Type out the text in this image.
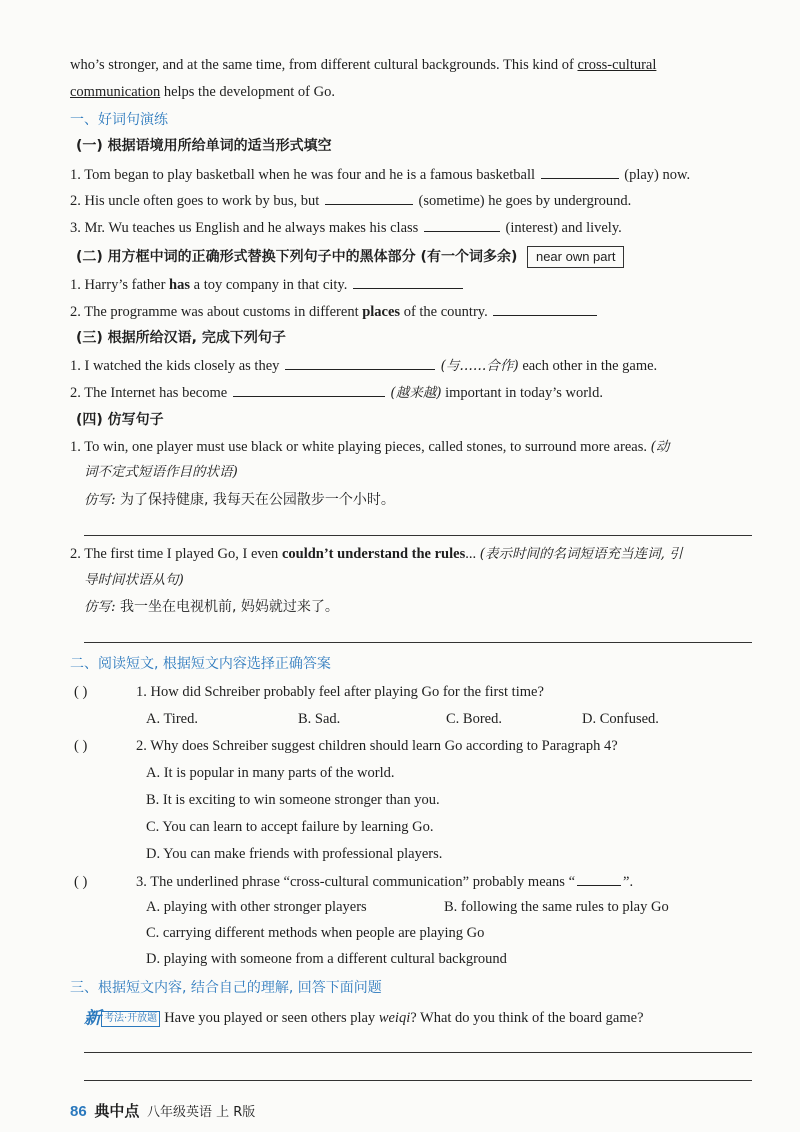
who’s stronger, and at the same time, from different cultural backgrounds. This kind of cross-cultural
communication helps the development of Go.
一、好词句演练
(一) 根据语境用所给单词的适当形式填空
1. Tom began to play basketball when he was four and he is a famous basketball	(play) now.
2. His uncle often goes to work by bus, but	(sometime) he goes by underground.
3. Mr. Wu teaches us English and he always makes his class	(interest) and lively.
(二) 用方框中词的正确形式替换下列句子中的黑体部分 (有一个词多余) near own part
1. Harry’s father has a toy company in that city.
2. The programme was about customs in different places of the country.
(三) 根据所给汉语, 完成下列句子
1. I watched the kids closely as they	(与……合作) each other in the game.
2. The Internet has become	(越来越) important in today’s world.
(四) 仿写句子
1. To win, one player must use black or white playing pieces, called stones, to surround more areas. (动
词不定式短语作目的状语)
仿写: 为了保持健康, 我每天在公园散步一个小时。
2. The first time I played Go, I even couldn’t understand the rules... (表示时间的名词短语充当连词, 引
导时间状语从句)
仿写: 我一坐在电视机前, 妈妈就过来了。
二、阅读短文, 根据短文内容选择正确答案
( )	1. How did Schreiber probably feel after playing Go for the first time?
A. Tired.	B. Sad.	C. Bored.	D. Confused.
( )	2. Why does Schreiber suggest children should learn Go according to Paragraph 4?
A. It is popular in many parts of the world.
B. It is exciting to win someone stronger than you.
C. You can learn to accept failure by learning Go.
D. You can make friends with professional players.
( )	3. The underlined phrase “cross-cultural communication” probably means “	”.
A. playing with other stronger players	B. following the same rules to play Go
C. carrying different methods when people are playing Go
D. playing with someone from a different cultural background
三、根据短文内容, 结合自己的理解, 回答下面问题
新 考法·开放题 Have you played or seen others play weiqi? What do you think of the board game?
86 典中点 八年级英语 上 R版
